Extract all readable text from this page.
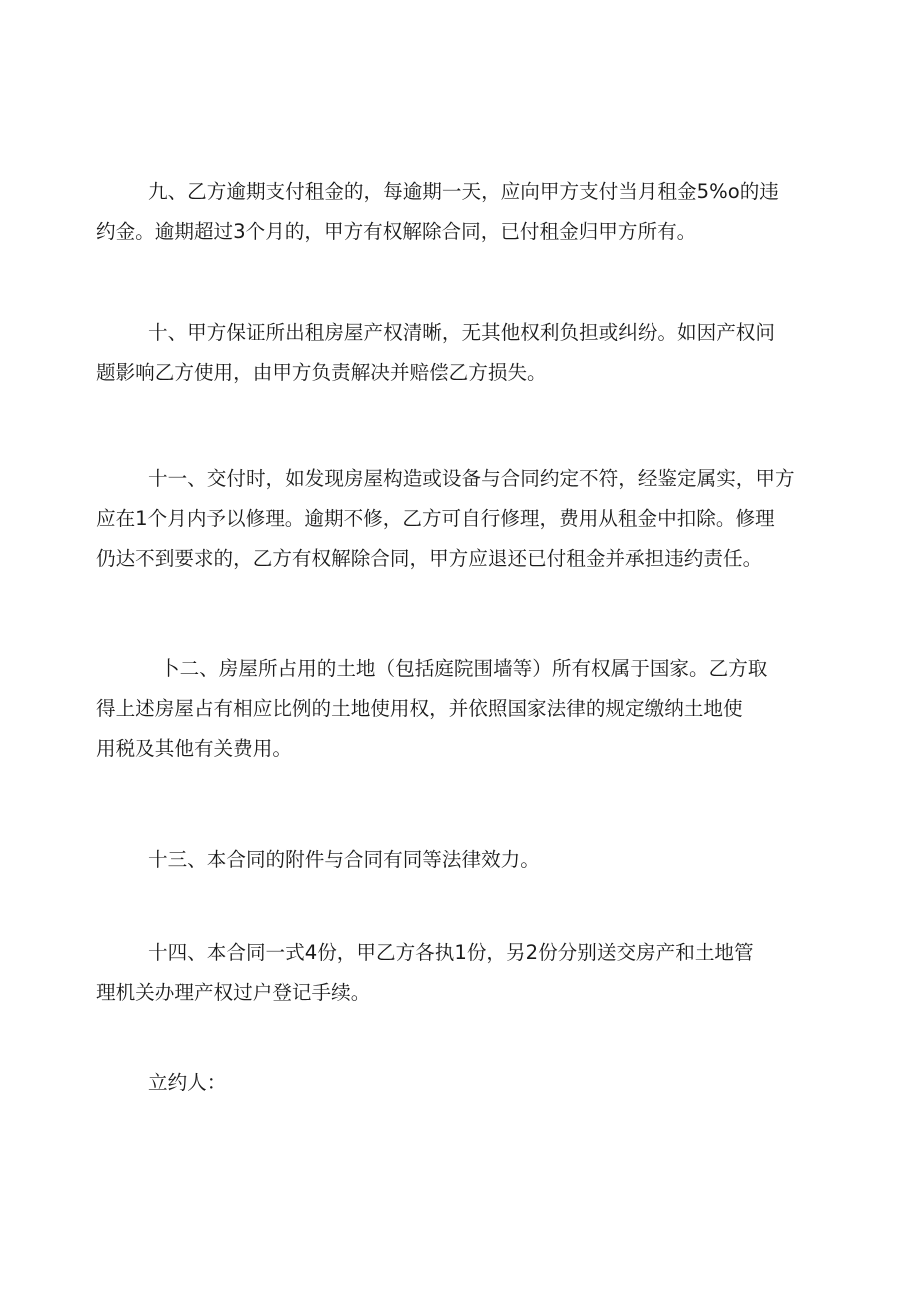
九、乙方逾期支付租金的，每逾期一天，应向甲方支付当月租金5%o的违
约金。逾期超过3个月的，甲方有权解除合同，已付租金归甲方所有。

十、甲方保证所出租房屋产权清晰，无其他权利负担或纠纷。如因产权问
题影响乙方使用，由甲方负责解决并赔偿乙方损失。

十一、交付时，如发现房屋构造或设备与合同约定不符，经鉴定属实，甲方
应在1个月内予以修理。逾期不修，乙方可自行修理，费用从租金中扣除。修理
仍达不到要求的，乙方有权解除合同，甲方应退还已付租金并承担违约责任。

卜二、房屋所占用的土地（包括庭院围墙等）所有权属于国家。乙方取
得上述房屋占有相应比例的土地使用权，并依照国家法律的规定缴纳土地使
用税及其他有关费用。

十三、本合同的附件与合同有同等法律效力。

十四、本合同一式4份，甲乙方各执1份，另2份分别送交房产和土地管
理机关办理产权过户登记手续。

立约人：
